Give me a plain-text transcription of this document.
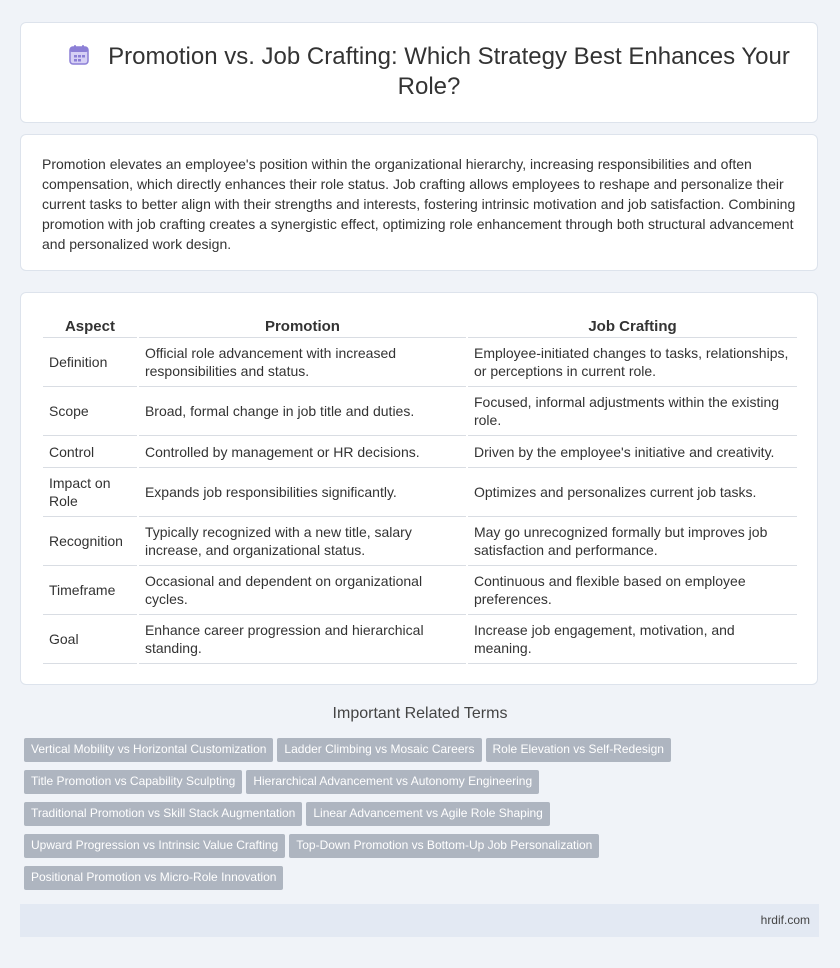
Promotion vs. Job Crafting: Which Strategy Best Enhances Your Role?
Promotion elevates an employee's position within the organizational hierarchy, increasing responsibilities and often compensation, which directly enhances their role status. Job crafting allows employees to reshape and personalize their current tasks to better align with their strengths and interests, fostering intrinsic motivation and job satisfaction. Combining promotion with job crafting creates a synergistic effect, optimizing role enhancement through both structural advancement and personalized work design.
Aspect	Promotion	Job Crafting
Definition	Official role advancement with increased responsibilities and status.	Employee-initiated changes to tasks, relationships, or perceptions in current role.
Scope	Broad, formal change in job title and duties.	Focused, informal adjustments within the existing role.
Control	Controlled by management or HR decisions.	Driven by the employee's initiative and creativity.
Impact on Role	Expands job responsibilities significantly.	Optimizes and personalizes current job tasks.
Recognition	Typically recognized with a new title, salary increase, and organizational status.	May go unrecognized formally but improves job satisfaction and performance.
Timeframe	Occasional and dependent on organizational cycles.	Continuous and flexible based on employee preferences.
Goal	Enhance career progression and hierarchical standing.	Increase job engagement, motivation, and meaning.
Important Related Terms
Vertical Mobility vs Horizontal Customization Ladder Climbing vs Mosaic Careers Role Elevation vs Self-RedesignTitle Promotion vs Capability Sculpting Hierarchical Advancement vs Autonomy EngineeringTraditional Promotion vs Skill Stack Augmentation Linear Advancement vs Agile Role ShapingUpward Progression vs Intrinsic Value Crafting Top-Down Promotion vs Bottom-Up Job PersonalizationPositional Promotion vs Micro-Role Innovation
hrdif.com
